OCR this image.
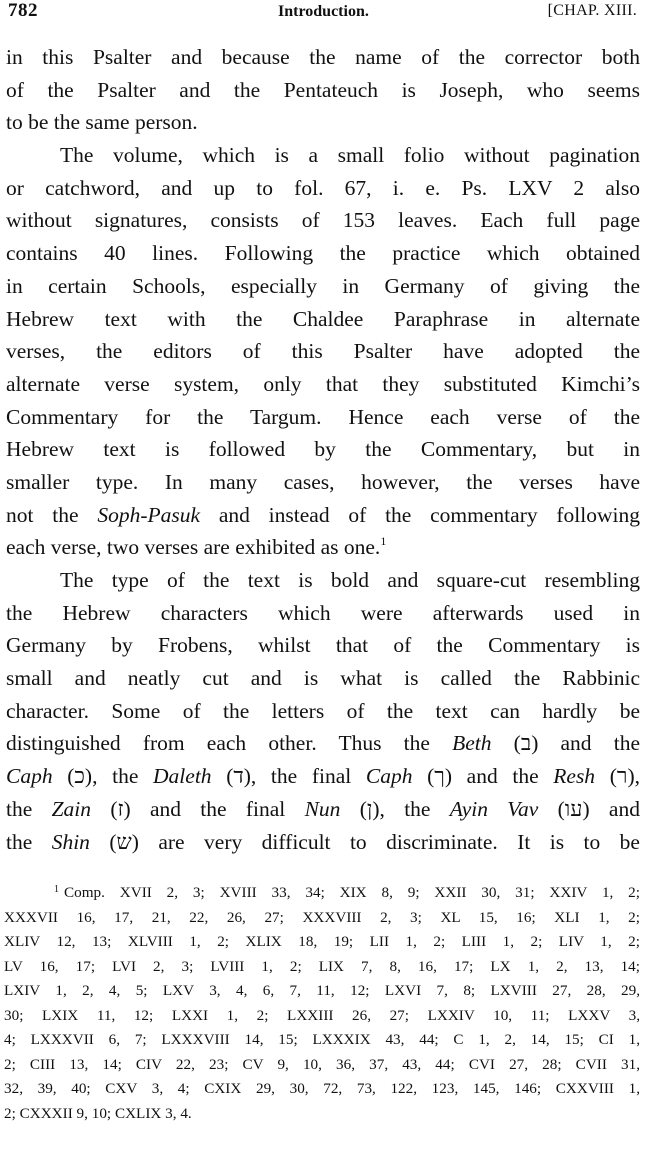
782	Introduction.	[CHAP. XIII.
in this Psalter and because the name of the corrector both
of the Psalter and the Pentateuch is Joseph, who seems
to be the same person.
The volume, which is a small folio without pagination
or catchword, and up to fol. 67, i. e. Ps. LXV 2 also
without signatures, consists of 153 leaves. Each full page
contains 40 lines. Following the practice which obtained
in certain Schools, especially in Germany of giving the
Hebrew text with the Chaldee Paraphrase in alternate
verses, the editors of this Psalter have adopted the
alternate verse system, only that they substituted Kimchi’s
Commentary for the Targum. Hence each verse of the
Hebrew text is followed by the Commentary, but in
smaller type. In many cases, however, the verses have
not the Soph-Pasuk and instead of the commentary following
each verse, two verses are exhibited as one.$^1$
The type of the text is bold and square-cut resembling
the Hebrew characters which were afterwards used in
Germany by Frobens, whilst that of the Commentary is
small and neatly cut and is what is called the Rabbinic
character. Some of the letters of the text can hardly be
distinguished from each other. Thus the Beth (ב) and the
Caph (כ), the Daleth (ד), the final Caph (ך) and the Resh (ר),
the Zain (ז) and the final Nun (ן), the Ayin Vav (עו) and
the Shin (ש) are very difficult to discriminate. It is to be
$^1$ Comp. XVII 2, 3; XVIII 33, 34; XIX 8, 9; XXII 30, 31; XXIV 1, 2;
XXXVII 16, 17, 21, 22, 26, 27; XXXVIII 2, 3; XL 15, 16; XLI 1, 2;
XLIV 12, 13; XLVIII 1, 2; XLIX 18, 19; LII 1, 2; LIII 1, 2; LIV 1, 2;
LV 16, 17; LVI 2, 3; LVIII 1, 2; LIX 7, 8, 16, 17; LX 1, 2, 13, 14;
LXIV 1, 2, 4, 5; LXV 3, 4, 6, 7, 11, 12; LXVI 7, 8; LXVIII 27, 28, 29,
30; LXIX 11, 12; LXXI 1, 2; LXXIII 26, 27; LXXIV 10, 11; LXXV 3,
4; LXXXVII 6, 7; LXXXVIII 14, 15; LXXXIX 43, 44; C 1, 2, 14, 15; CI 1,
2; CIII 13, 14; CIV 22, 23; CV 9, 10, 36, 37, 43, 44; CVI 27, 28; CVII 31,
32, 39, 40; CXV 3, 4; CXIX 29, 30, 72, 73, 122, 123, 145, 146; CXXVIII 1,
2; CXXXII 9, 10; CXLIX 3, 4.
